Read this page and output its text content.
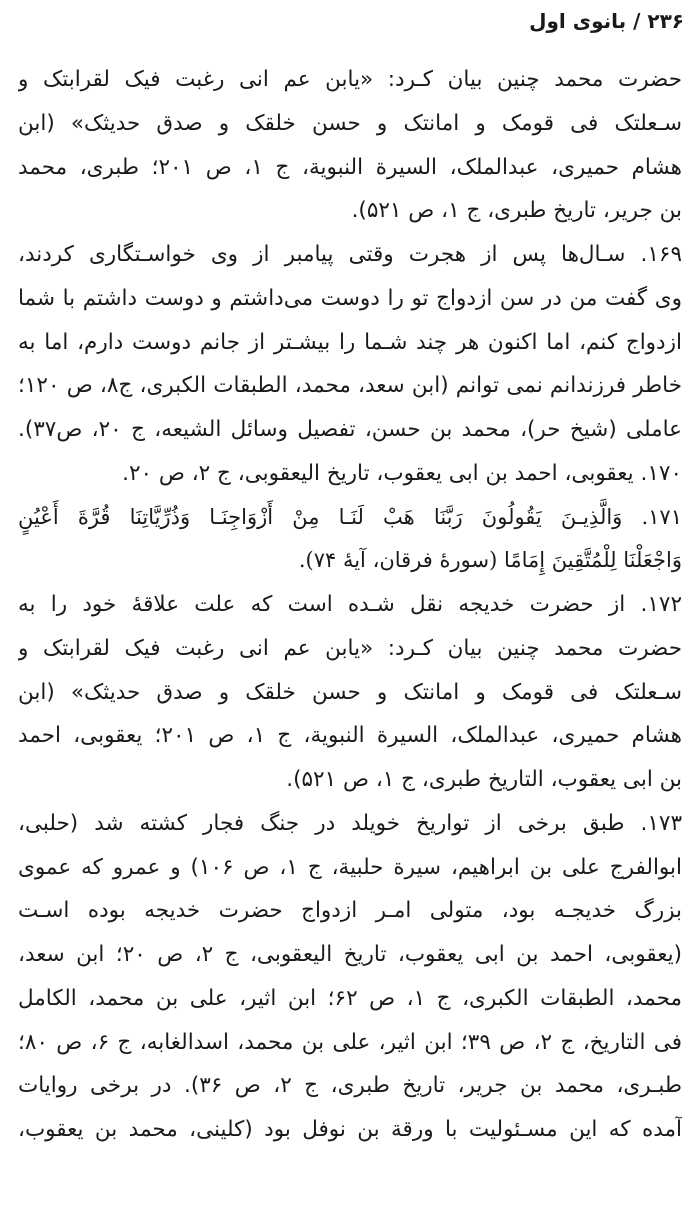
۲۳۶ / بانوی اول
حضرت محمد چنین بیان کـرد: «یابن عم انی رغبت فیک لقرابتک و
سـعلتک فی قومک و امانتک و حسن خلقک و صدق حدیثک» (ابن
هشام حمیری، عبدالملک، السیرة النبویة، ج ۱، ص ۲۰۱؛ طبری، محمد
بن جریر، تاریخ طبری، ج ۱، ص ۵۲۱).
۱۶۹. سـال‌ها پس از هجرت وقتی پیامبر از وی خواسـتگاری کردند،
وی گفت من در سن ازدواج تو را دوست می‌داشتم و دوست داشتم با شما
ازدواج کنم، اما اکنون هر چند شـما را بیشـتر از جانم دوست دارم، اما به
خاطر فرزندانم نمی توانم (ابن سعد، محمد، الطبقات الکبری، ج۸، ص ۱۲۰؛
عاملی (شیخ حر)، محمد بن حسن، تفصیل وسائل الشیعه، ج ۲۰، ص۳۷).
۱۷۰. یعقوبی، احمد بن ابی یعقوب، تاریخ الیعقوبی، ج ۲، ص ۲۰.
۱۷۱. وَالَّذِیـنَ یَقُولُونَ رَبَّنَا هَبْ لَنَـا مِنْ أَزْوَاجِنَـا وَذُرِّیَّاتِنَا قُرَّةَ أَعْیُنٍ
وَاجْعَلْنَا لِلْمُتَّقِینَ إِمَامًا (سورهٔ فرقان، آیهٔ ۷۴).
۱۷۲. از حضرت خدیجه نقل شـده است که علت علاقهٔ خود را به
حضرت محمد چنین بیان کـرد: «یابن عم انی رغبت فیک لقرابتک و
سـعلتک فی قومک و امانتک و حسن خلقک و صدق حدیثک» (ابن
هشام حمیری، عبدالملک، السیرة النبویة، ج ۱، ص ۲۰۱؛ یعقوبی، احمد
بن ابی یعقوب، التاریخ طبری، ج ۱، ص ۵۲۱).
۱۷۳. طبق برخی از تواریخ خویلد در جنگ فجار کشته شد (حلبی،
ابوالفرج علی بن ابراهیم، سیرة حلبیة، ج ۱، ص ۱۰۶) و عمرو که عموی
بزرگ خدیجـه بود، متولی امـر ازدواج حضرت خدیجه بوده اسـت
(یعقوبی، احمد بن ابی یعقوب، تاریخ الیعقوبی، ج ۲، ص ۲۰؛ ابن سعد،
محمد، الطبقات الکبری، ج ۱، ص ۶۲؛ ابن اثیر، علی بن محمد، الکامل
فی التاریخ، ج ۲، ص ۳۹؛ ابن اثیر، علی بن محمد، اسدالغابه، ج ۶، ص ۸۰؛
طبـری، محمد بن جریر، تاریخ طبری، ج ۲، ص ۳۶). در برخی روایات
آمده که این مسـئولیت با ورقة بن نوفل بود (کلینی، محمد بن یعقوب،
